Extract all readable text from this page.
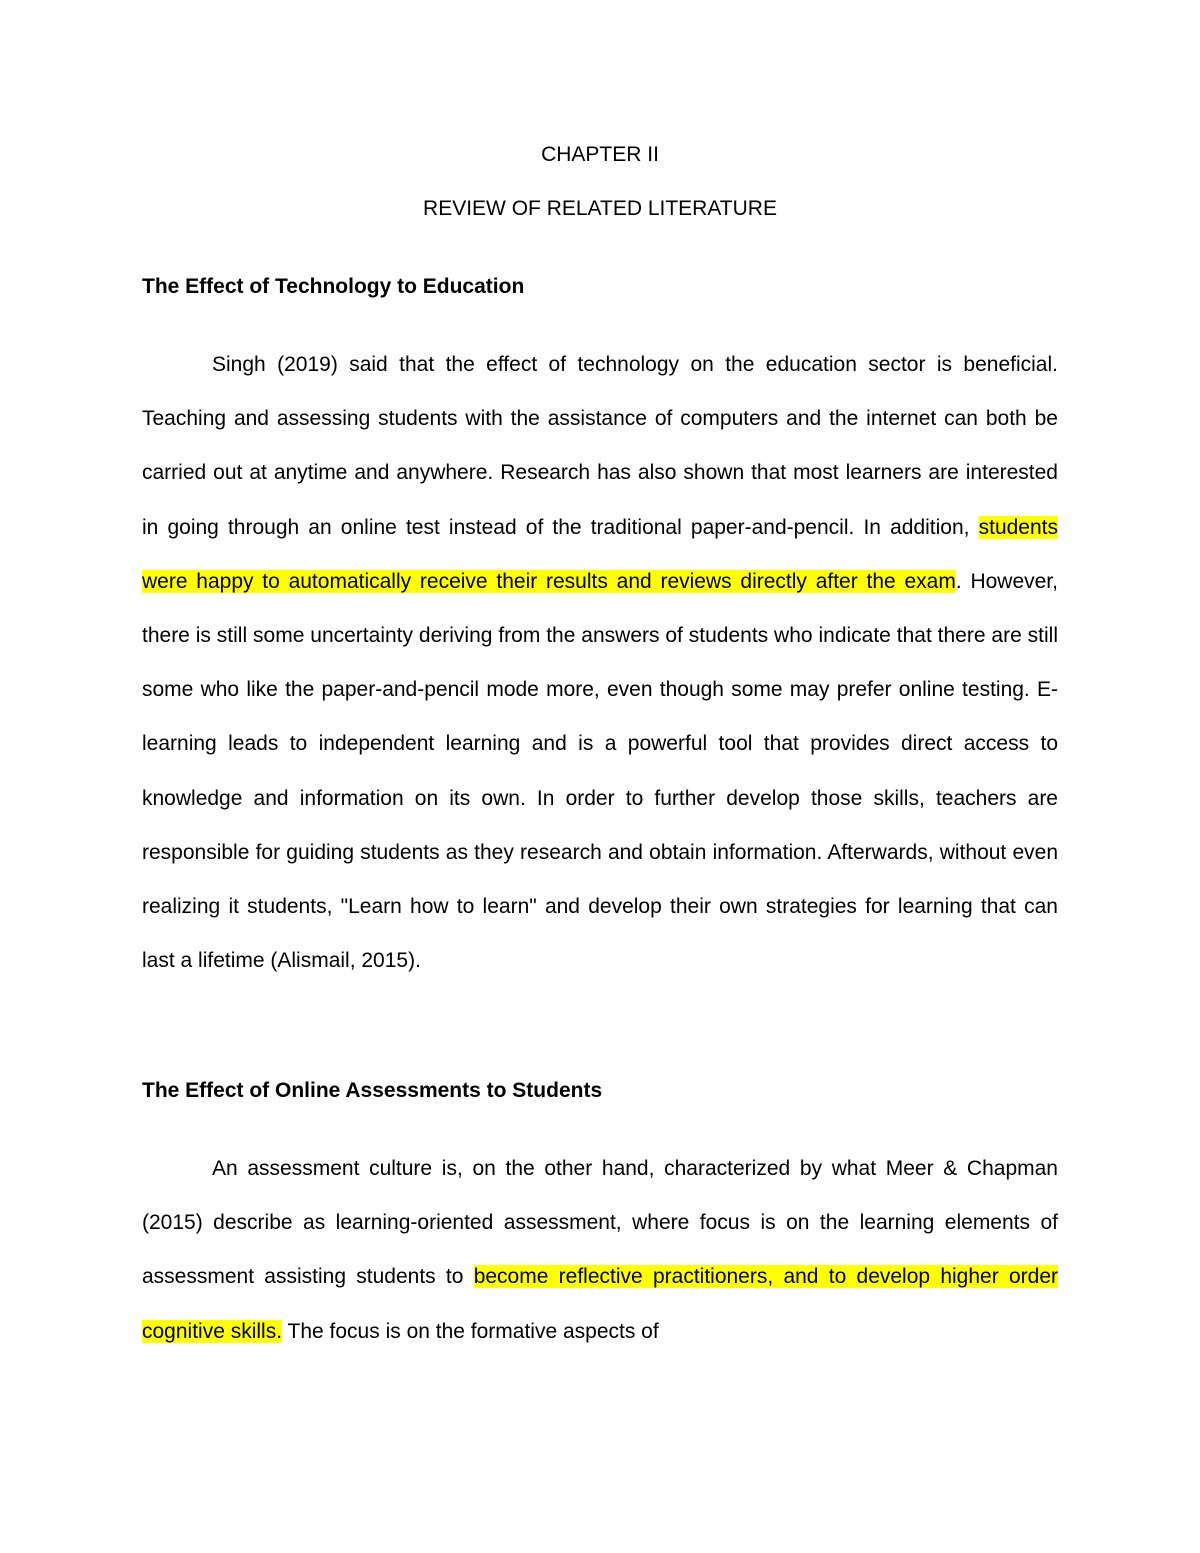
CHAPTER II
REVIEW OF RELATED LITERATURE
The Effect of Technology to Education

Singh (2019) said that the effect of technology on the education sector is beneficial. Teaching and assessing students with the assistance of computers and the internet can both be carried out at anytime and anywhere. Research has also shown that most learners are interested in going through an online test instead of the traditional paper-and-pencil. In addition, students were happy to automatically receive their results and reviews directly after the exam. However, there is still some uncertainty deriving from the answers of students who indicate that there are still some who like the paper-and-pencil mode more, even though some may prefer online testing. E-learning leads to independent learning and is a powerful tool that provides direct access to knowledge and information on its own. In order to further develop those skills, teachers are responsible for guiding students as they research and obtain information. Afterwards, without even realizing it students, "Learn how to learn" and develop their own strategies for learning that can last a lifetime (Alismail, 2015).

The Effect of Online Assessments to Students

An assessment culture is, on the other hand, characterized by what Meer & Chapman (2015) describe as learning-oriented assessment, where focus is on the learning elements of assessment assisting students to become reflective practitioners, and to develop higher order cognitive skills. The focus is on the formative aspects of
